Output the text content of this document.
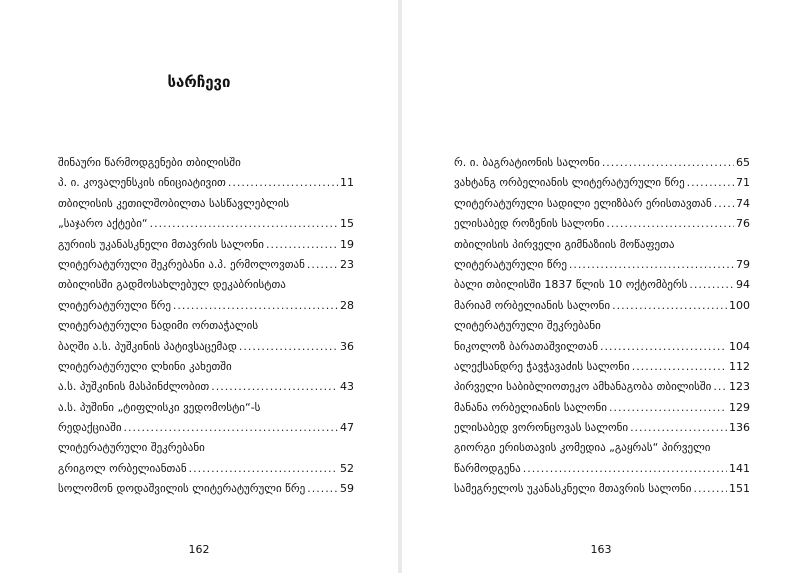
სარჩევი
შინაური წარმოდგენები თბილისში
პ. ი. კოვალენსკის ინიციატივით .....	11
თბილისის კეთილშობილთა სასწავლებლის
„საჯარო აქტები“ .....	15
გურიის უკანასკნელი მთავრის სალონი .....	19
ლიტერატურული შეკრებანი ა.პ. ერმოლოვთან .....	23
თბილისში გადმოსახლებულ დეკაბრისტთა
ლიტერატურული წრე .....	28
ლიტერატურული ნადიმი ორთაჭალის
ბაღში ა.ს. პუშკინის პატივსაცემად .....	36
ლიტერატურული ლხინი კახეთში
ა.ს. პუშკინის მასპინძლობით .....	43
ა.ს. პუშინი „ტიფლისკი ვედომოსტი“-ს
რედაქციაში .....	47
ლიტერატურული შეკრებანი
გრიგოლ ორბელიანთან .....	52
სოლომონ დოდაშვილის ლიტერატურული წრე .....	59
162
რ. ი. ბაგრატიონის სალონი .....	65
ვახტანგ ორბელიანის ლიტერატურული წრე .....	71
ლიტერატურული სადილი ელიზბარ ერისთავთან ..... 74
ელისაბედ როზენის სალონი .....	76
თბილისის პირველი გიმნაზიის მოწაფეთა
ლიტერატურული წრე .....	79
ბალი თბილისში 1837 წლის 10 ოქტომბერს .....	94
მარიამ ორბელიანის სალონი .....	100
ლიტერატურული შეკრებანი
ნიკოლოზ ბარათაშვილთან .....	104
ალექსანდრე ჭავჭავაძის სალონი .....	112
პირველი საბიბლიოთეკო ამხანაგობა თბილისში ..... 123
მანანა ორბელიანის სალონი .....	129
ელისაბედ ვორონცოვას სალონი .....	136
გიორგი ერისთავის კომედია „გაყრას“ პირველი
წარმოდგენა .....	141
სამეგრელოს უკანასკნელი მთავრის სალონი .....	151
163
